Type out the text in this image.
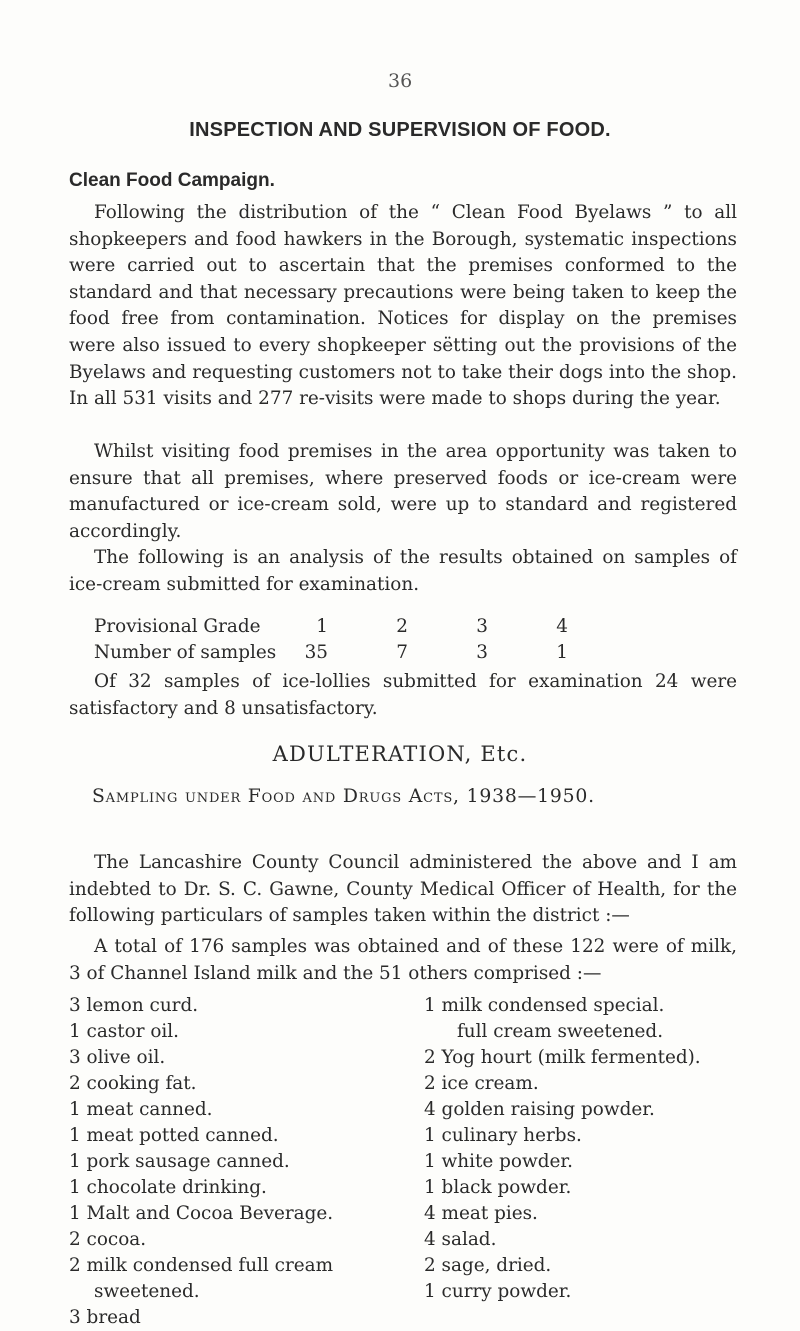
36
INSPECTION AND SUPERVISION OF FOOD.
Clean Food Campaign.

Following the distribution of the “ Clean Food Byelaws ” to all shopkeepers and food hawkers in the Borough, systematic inspections were carried out to ascertain that the premises conformed to the standard and that necessary precautions were being taken to keep the food free from contamination. Notices for display on the premises were also issued to every shopkeeper sëtting out the provisions of the Byelaws and requesting customers not to take their dogs into the shop. In all 531 visits and 277 re-visits were made to shops during the year.

Whilst visiting food premises in the area opportunity was taken to ensure that all premises, where preserved foods or ice-cream were manufactured or ice-cream sold, were up to standard and registered accordingly.

The following is an analysis of the results obtained on samples of ice-cream submitted for examination.

Provisional Grade	1	2	3	4
Number of samples	35	7	3	1

Of 32 samples of ice-lollies submitted for examination 24 were satisfactory and 8 unsatisfactory.

ADULTERATION, Etc.
Sampling under Food and Drugs Acts, 1938—1950.

The Lancashire County Council administered the above and I am indebted to Dr. S. C. Gawne, County Medical Officer of Health, for the following particulars of samples taken within the district :—

A total of 176 samples was obtained and of these 122 were of milk, 3 of Channel Island milk and the 51 others comprised :—

3 lemon curd.
1 castor oil.
3 olive oil.
2 cooking fat.
1 meat canned.
1 meat potted canned.
1 pork sausage canned.
1 chocolate drinking.
1 Malt and Cocoa Beverage.
2 cocoa.
2 milk condensed full cream
sweetened.
3 bread
1 milk condensed special.
full cream sweetened.
2 Yog hourt (milk fermented).
2 ice cream.
4 golden raising powder.
1 culinary herbs.
1 white powder.
1 black powder.
4 meat pies.
4 salad.
2 sage, dried.
1 curry powder.
